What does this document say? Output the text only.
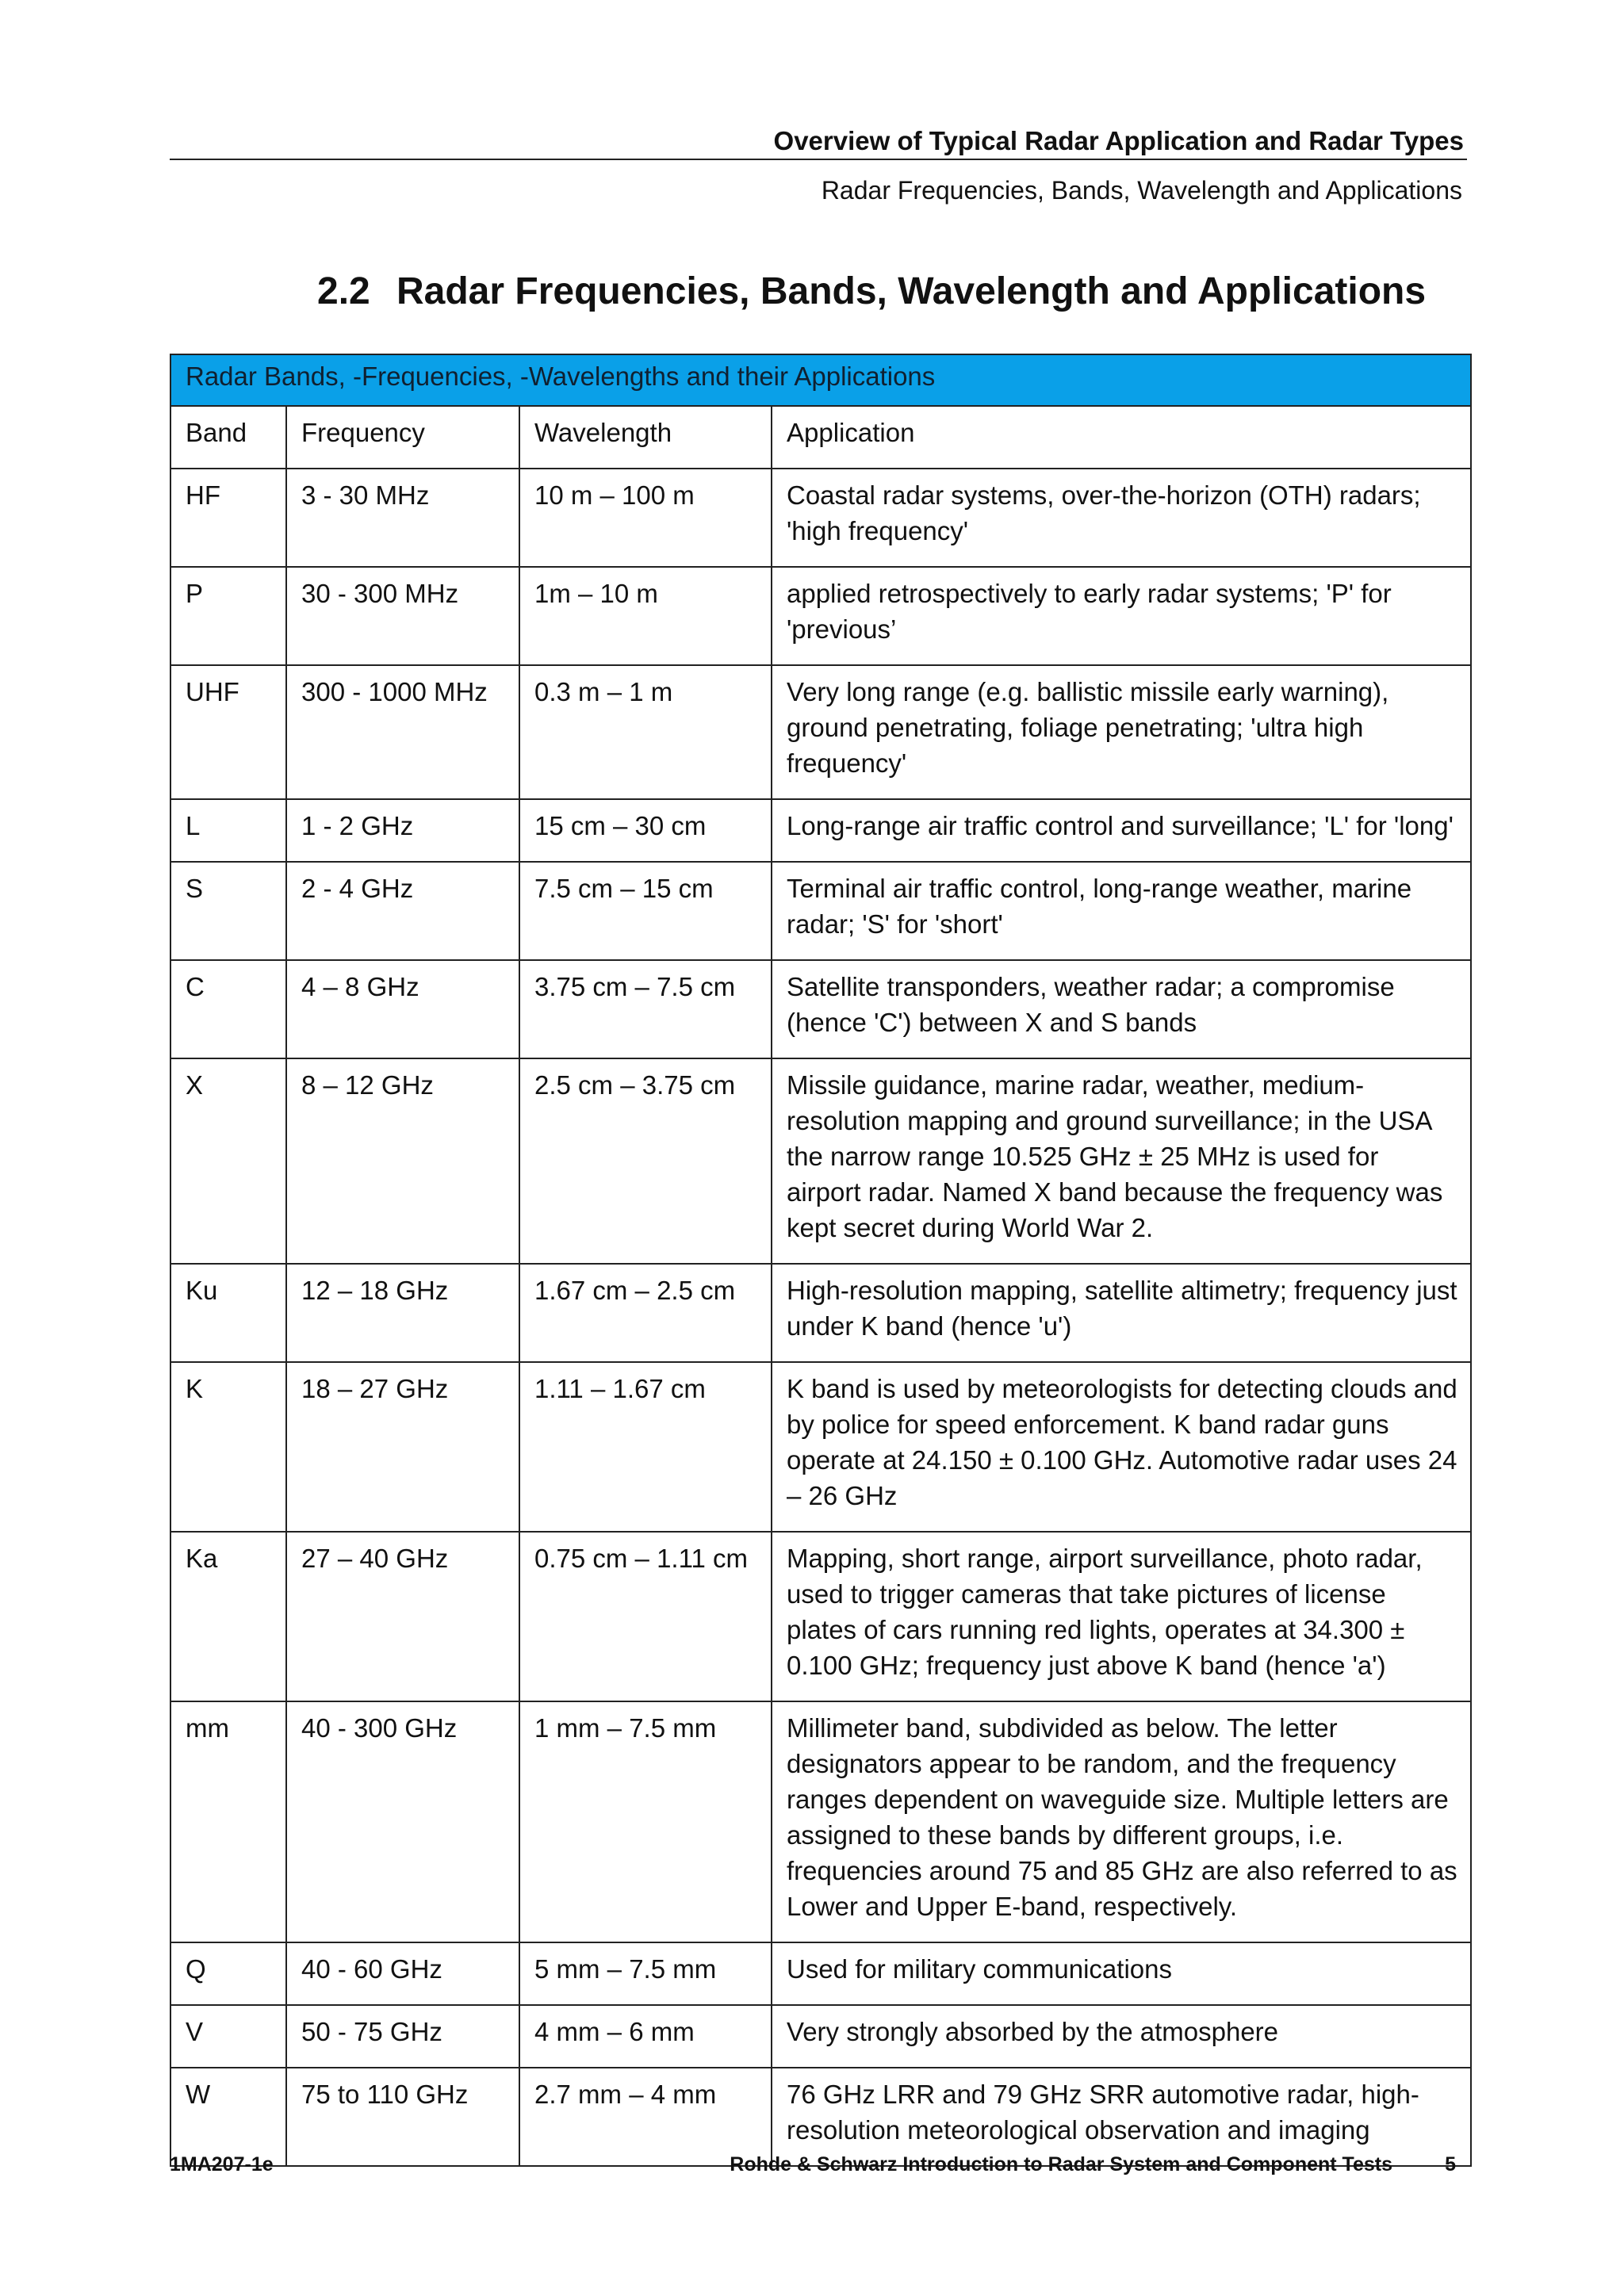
Overview of Typical Radar Application and Radar Types
Radar Frequencies, Bands, Wavelength and Applications
2.2 Radar Frequencies, Bands, Wavelength and Applications
Radar Bands, -Frequencies, -Wavelengths and their Applications			
Band	Frequency	Wavelength	Application
HF	3 - 30 MHz	10 m – 100 m	Coastal radar systems, over-the-horizon (OTH) radars; 'high frequency'
P	30 - 300 MHz	1m – 10 m	applied retrospectively to early radar systems; 'P' for 'previous’
UHF	300 - 1000 MHz	0.3 m – 1 m	Very long range (e.g. ballistic missile early warning), ground penetrating, foliage penetrating; 'ultra high frequency'
L	1 - 2 GHz	15 cm – 30 cm	Long-range air traffic control and surveillance; 'L' for 'long'
S	2 - 4 GHz	7.5 cm – 15 cm	Terminal air traffic control, long-range weather, marine radar; 'S' for 'short'
C	4 – 8 GHz	3.75 cm – 7.5 cm	Satellite transponders, weather radar; a compromise (hence 'C') between X and S bands
X	8 – 12 GHz	2.5 cm – 3.75 cm	Missile guidance, marine radar, weather, medium-resolution mapping and ground surveillance; in the USA the narrow range 10.525 GHz ± 25 MHz is used for airport radar. Named X band because the frequency was kept secret during World War 2.
Ku	12 – 18 GHz	1.67 cm – 2.5 cm	High-resolution mapping, satellite altimetry; frequency just under K band (hence 'u')
K	18 – 27 GHz	1.11 – 1.67 cm	K band is used by meteorologists for detecting clouds and by police for speed enforcement. K band radar guns operate at 24.150 ± 0.100 GHz. Automotive radar uses 24 – 26 GHz
Ka	27 – 40 GHz	0.75 cm – 1.11 cm	Mapping, short range, airport surveillance, photo radar, used to trigger cameras that take pictures of license plates of cars running red lights, operates at 34.300 ± 0.100 GHz; frequency just above K band (hence 'a')
mm	40 - 300 GHz	1 mm – 7.5 mm	Millimeter band, subdivided as below. The letter designators appear to be random, and the frequency ranges dependent on waveguide size. Multiple letters are assigned to these bands by different groups, i.e. frequencies around 75 and 85 GHz are also referred to as Lower and Upper E-band, respectively.
Q	40 - 60 GHz	5 mm – 7.5 mm	Used for military communications
V	50 - 75 GHz	4 mm – 6 mm	Very strongly absorbed by the atmosphere
W	75 to 110 GHz	2.7 mm – 4 mm	76 GHz LRR and 79 GHz SRR automotive radar, high-resolution meteorological observation and imaging
1MA207-1e	Rohde & Schwarz Introduction to Radar System and Component Tests	5
